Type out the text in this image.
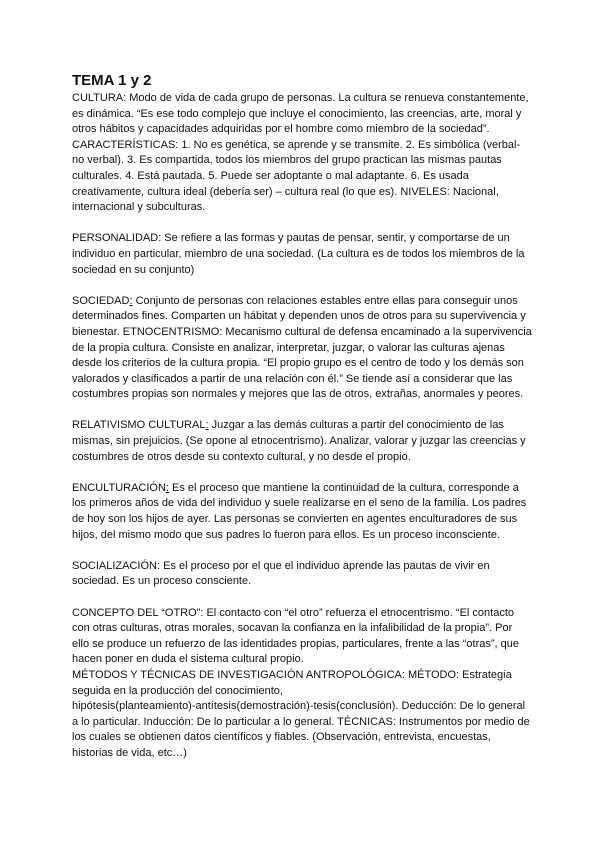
TEMA 1 y 2

CULTURA: Modo de vida de cada grupo de personas. La cultura se renueva constantemente, es dinámica. “Es ese todo complejo que incluye el conocimiento, las creencias, arte, moral y otros hábitos y capacidades adquiridas por el hombre como miembro de la sociedad”. CARACTERÍSTICAS: 1. No es genética, se aprende y se transmite. 2. Es simbólica (verbal-no verbal). 3. Es compartida, todos los miembros del grupo practican las mismas pautas culturales. 4. Está pautada. 5. Puede ser adoptante o mal adaptante. 6. Es usada creativamente, cultura ideal (debería ser) – cultura real (lo que es). NIVELES: Nacional, internacional y subculturas.

PERSONALIDAD: Se refiere a las formas y pautas de pensar, sentir, y comportarse de un individuo en particular, miembro de una sociedad. (La cultura es de todos los miembros de la sociedad en su conjunto)

SOCIEDAD: Conjunto de personas con relaciones estables entre ellas para conseguir unos determinados fines. Comparten un hábitat y dependen unos de otros para su supervivencia y bienestar. ETNOCENTRISMO: Mecanismo cultural de defensa encaminado a la supervivencia de la propia cultura. Consiste en analizar, interpretar, juzgar, o valorar las culturas ajenas desde los criterios de la cultura propia. “El propio grupo es el centro de todo y los demás son valorados y clasificados a partir de una relación con él.” Se tiende así a considerar que las costumbres propias son normales y mejores que las de otros, extrañas, anormales y peores.

RELATIVISMO CULTURAL: Juzgar a las demás culturas a partir del conocimiento de las mismas, sin prejuicios. (Se opone al etnocentrismo). Analizar, valorar y juzgar las creencias y costumbres de otros desde su contexto cultural, y no desde el propio.

ENCULTURACIÓN: Es el proceso que mantiene la continuidad de la cultura, corresponde a los primeros años de vida del individuo y suele realizarse en el seno de la familia. Los padres de hoy son los hijos de ayer. Las personas se convierten en agentes enculturadores de sus hijos, del mismo modo que sus padres lo fueron para ellos. Es un proceso inconsciente.

SOCIALIZACIÓN: Es el proceso por el que el individuo aprende las pautas de vivir en sociedad. Es un proceso consciente.

CONCEPTO DEL “OTRO”: El contacto con “el otro” refuerza el etnocentrismo. “El contacto con otras culturas, otras morales, socavan la confianza en la infalibilidad de la propia”. Por ello se produce un refuerzo de las identidades propias, particulares, frente a las “otras”, que hacen poner en duda el sistema cultural propio.

MÉTODOS Y TÉCNICAS DE INVESTIGACIÓN ANTROPOLÓGICA: MÉTODO: Estrategia seguida en la producción del conocimiento,

hipótesis(planteamiento)-antítesis(demostración)-tesis(conclusión). Deducción: De lo general a lo particular. Inducción: De lo particular a lo general. TÉCNICAS: Instrumentos por medio de los cuales se obtienen datos científicos y fiables. (Observación, entrevista, encuestas, historias de vida, etc…)
